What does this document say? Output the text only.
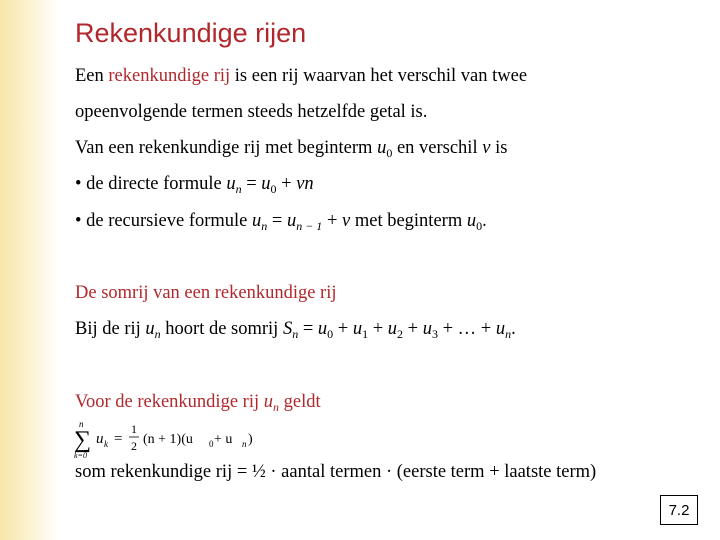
Rekenkundige rijen
Een rekenkundige rij is een rij waarvan het verschil van twee
opeenvolgende termen steeds hetzelfde getal is.
Van een rekenkundige rij met beginterm $u_0$ en verschil v is
• de directe formule $u_n = u_0$ + vn
• de recursieve formule $u_n = u_{n - 1} + v$ met beginterm $u_0$.
De somrij van een rekenkundige rij
Bij de rij $u_n$ hoort de somrij $S_n = u_0 + u_1 + u_2 + u_3$ + … + $u_n$.
Voor de rekenkundige rij $u_n$ geldt
n
∑
k=0
u k =
1
2 (n + 1)(u 0 + u n )
som rekenkundige rij = ½ · aantal termen · (eerste term + laatste term)
7.2
